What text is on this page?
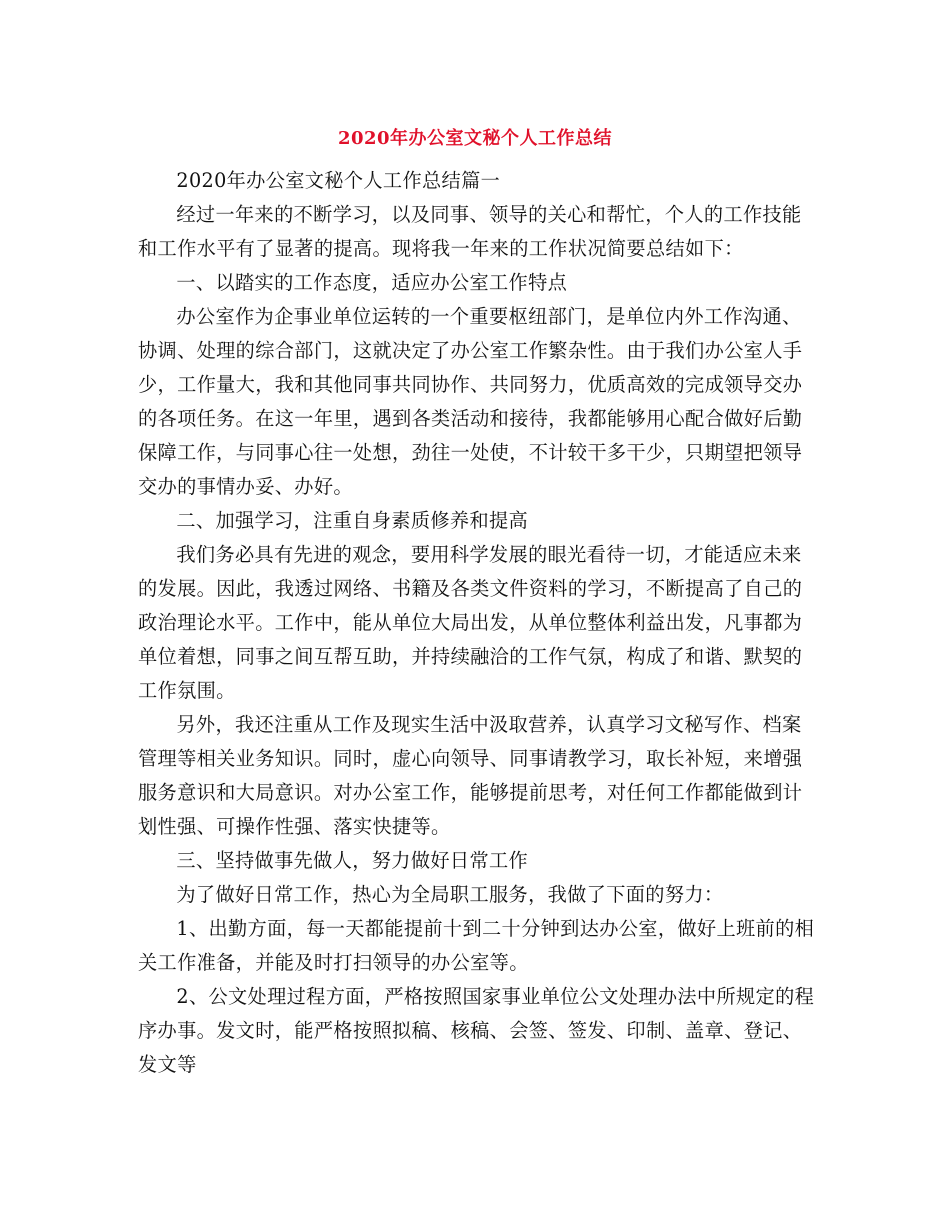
2020年办公室文秘个人工作总结

2020年办公室文秘个人工作总结篇一

经过一年来的不断学习，以及同事、领导的关心和帮忙，个人的工作技能和工作水平有了显著的提高。现将我一年来的工作状况简要总结如下：

一、以踏实的工作态度，适应办公室工作特点

办公室作为企事业单位运转的一个重要枢纽部门，是单位内外工作沟通、协调、处理的综合部门，这就决定了办公室工作繁杂性。由于我们办公室人手少，工作量大，我和其他同事共同协作、共同努力，优质高效的完成领导交办的各项任务。在这一年里，遇到各类活动和接待，我都能够用心配合做好后勤保障工作，与同事心往一处想，劲往一处使，不计较干多干少，只期望把领导交办的事情办妥、办好。

二、加强学习，注重自身素质修养和提高

我们务必具有先进的观念，要用科学发展的眼光看待一切，才能适应未来的发展。因此，我透过网络、书籍及各类文件资料的学习，不断提高了自己的政治理论水平。工作中，能从单位大局出发，从单位整体利益出发，凡事都为单位着想，同事之间互帮互助，并持续融洽的工作气氛，构成了和谐、默契的工作氛围。

另外，我还注重从工作及现实生活中汲取营养，认真学习文秘写作、档案管理等相关业务知识。同时，虚心向领导、同事请教学习，取长补短，来增强服务意识和大局意识。对办公室工作，能够提前思考，对任何工作都能做到计划性强、可操作性强、落实快捷等。

三、坚持做事先做人，努力做好日常工作

为了做好日常工作，热心为全局职工服务，我做了下面的努力：

1、出勤方面，每一天都能提前十到二十分钟到达办公室，做好上班前的相关工作准备，并能及时打扫领导的办公室等。

2、公文处理过程方面，严格按照国家事业单位公文处理办法中所规定的程序办事。发文时，能严格按照拟稿、核稿、会签、签发、印制、盖章、登记、发文等
